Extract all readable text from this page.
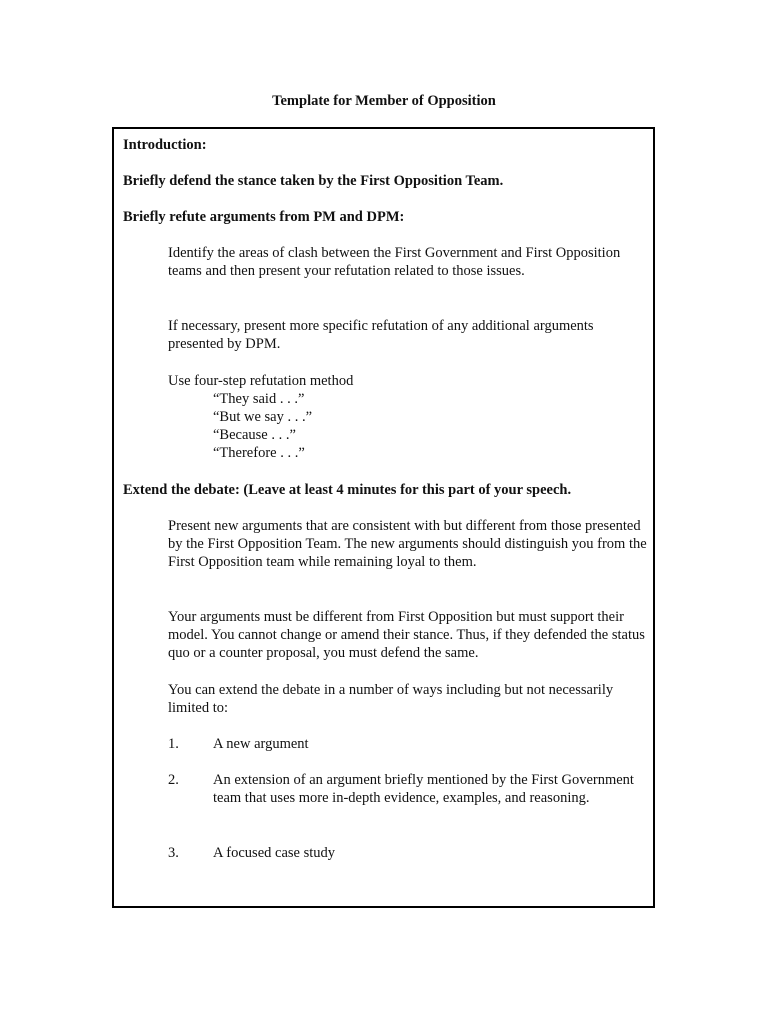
Template for Member of Opposition
Introduction:
Briefly defend the stance taken by the First Opposition Team.
Briefly refute arguments from PM and DPM:
Identify the areas of clash between the First Government and First Opposition teams and then present your refutation related to those issues.
If necessary, present more specific refutation of any additional arguments presented by DPM.
Use four-step refutation method
“They said . . .”
“But we say . . .”
“Because . . .”
“Therefore . . .”
Extend the debate: (Leave at least 4 minutes for this part of your speech.
Present new arguments that are consistent with but different from those presented by the First Opposition Team. The new arguments should distinguish you from the First Opposition team while remaining loyal to them.
Your arguments must be different from First Opposition but must support their model. You cannot change or amend their stance. Thus, if they defended the status quo or a counter proposal, you must defend the same.
You can extend the debate in a number of ways including but not necessarily limited to:
1. A new argument
2. An extension of an argument briefly mentioned by the First Government team that uses more in-depth evidence, examples, and reasoning.
3. A focused case study
